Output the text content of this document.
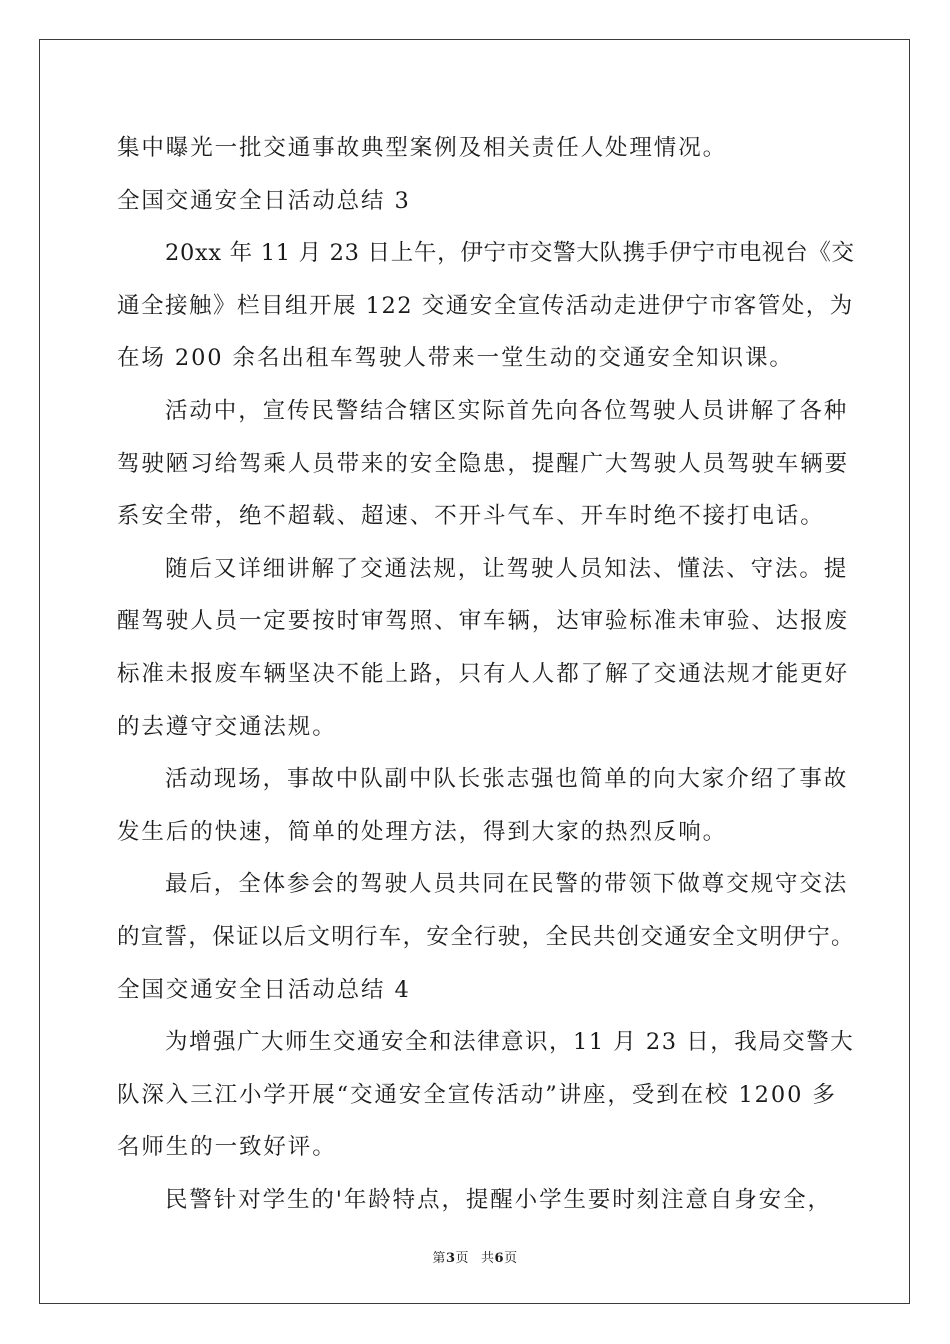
集中曝光一批交通事故典型案例及相关责任人处理情况。
全国交通安全日活动总结 3
20xx 年 11 月 23 日上午，伊宁市交警大队携手伊宁市电视台《交
通全接触》栏目组开展 122 交通安全宣传活动走进伊宁市客管处，为
在场 200 余名出租车驾驶人带来一堂生动的交通安全知识课。
活动中，宣传民警结合辖区实际首先向各位驾驶人员讲解了各种
驾驶陋习给驾乘人员带来的安全隐患，提醒广大驾驶人员驾驶车辆要
系安全带，绝不超载、超速、不开斗气车、开车时绝不接打电话。
随后又详细讲解了交通法规，让驾驶人员知法、懂法、守法。提
醒驾驶人员一定要按时审驾照、审车辆，达审验标准未审验、达报废
标准未报废车辆坚决不能上路，只有人人都了解了交通法规才能更好
的去遵守交通法规。
活动现场，事故中队副中队长张志强也简单的向大家介绍了事故
发生后的快速，简单的处理方法，得到大家的热烈反响。
最后，全体参会的驾驶人员共同在民警的带领下做尊交规守交法
的宣誓，保证以后文明行车，安全行驶，全民共创交通安全文明伊宁。
全国交通安全日活动总结 4
为增强广大师生交通安全和法律意识，11 月 23 日，我局交警大
队深入三江小学开展“交通安全宣传活动”讲座，受到在校 1200 多
名师生的一致好评。
民警针对学生的'年龄特点，提醒小学生要时刻注意自身安全，
第3页 共6页
